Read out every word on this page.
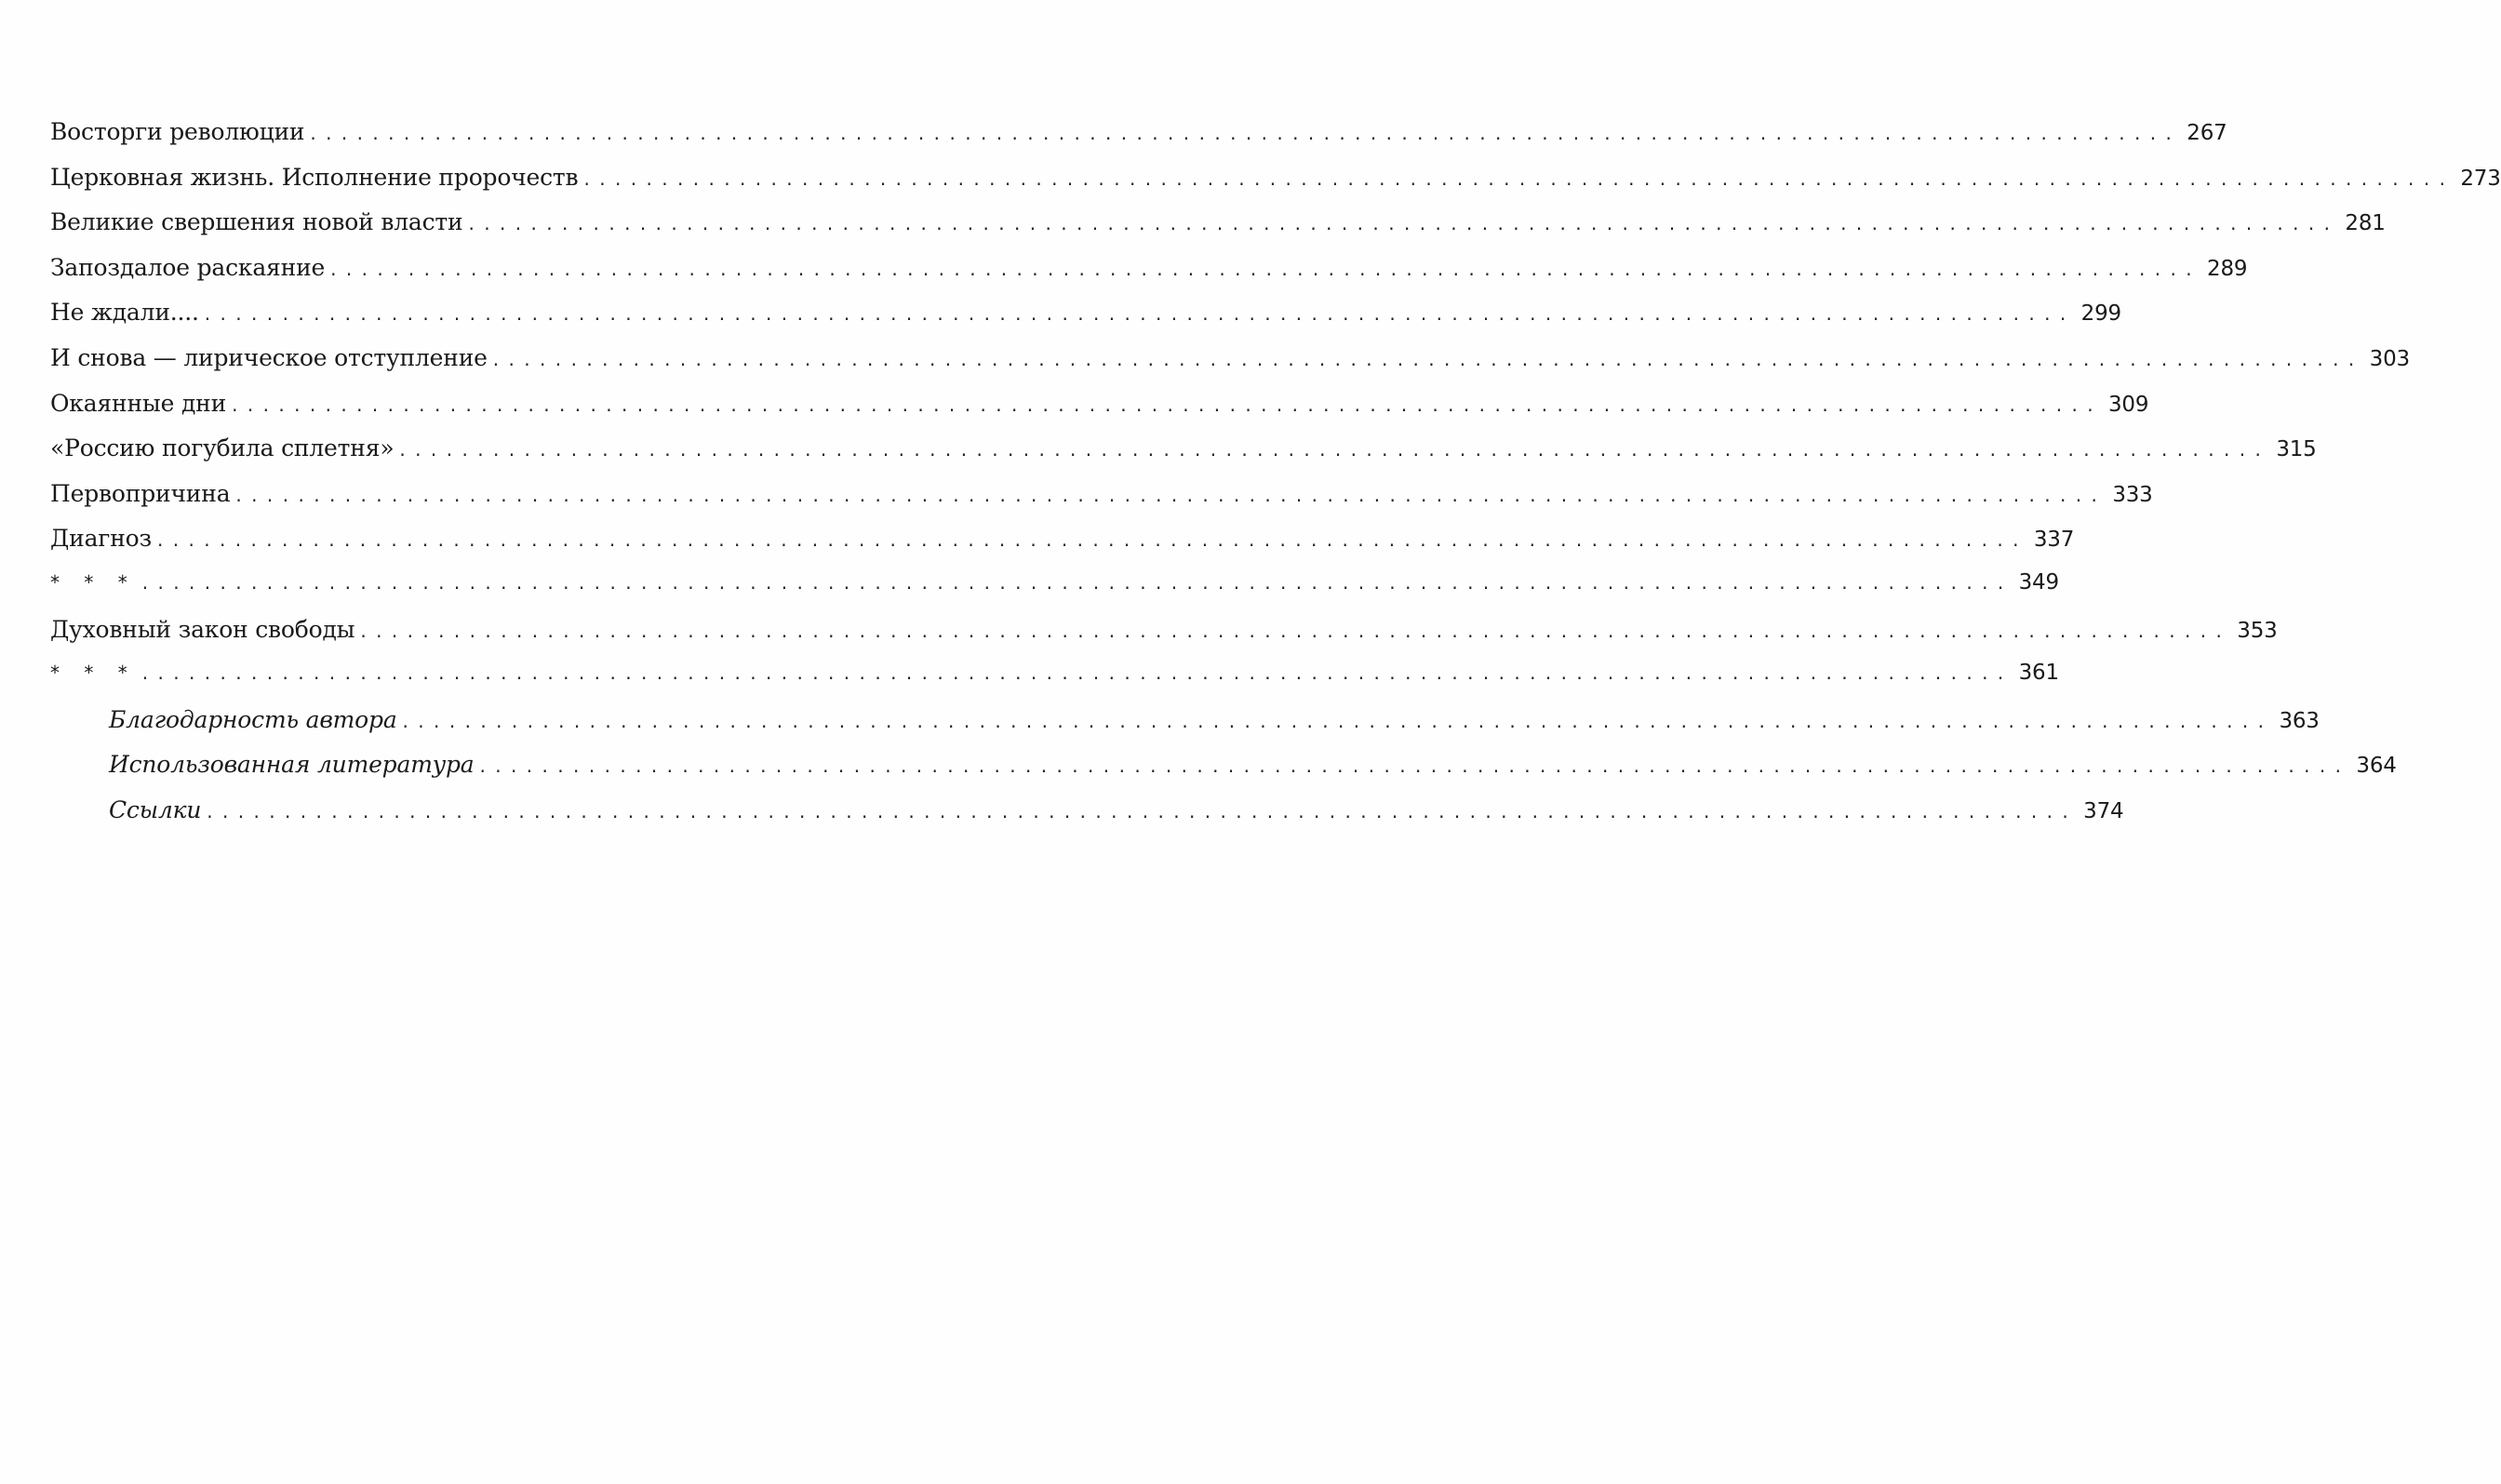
Восторги революции ........................................................................................................................ 267
Церковная жизнь. Исполнение пророчеств ........................................................................................................................ 273
Великие свершения новой власти ........................................................................................................................ 281
Запоздалое раскаяние ........................................................................................................................ 289
Не ждали.... ........................................................................................................................ 299
И снова — лирическое отступление ........................................................................................................................ 303
Окаянные дни ........................................................................................................................ 309
«Россию погубила сплетня» ........................................................................................................................ 315
Первопричина ........................................................................................................................ 333
Диагноз ........................................................................................................................ 337
* * * ........................................................................................................................ 349
Духовный закон свободы ........................................................................................................................ 353
* * * ........................................................................................................................ 361
Благодарность автора ........................................................................................................................ 363
Использованная литература ........................................................................................................................ 364
Ссылки ........................................................................................................................ 374
